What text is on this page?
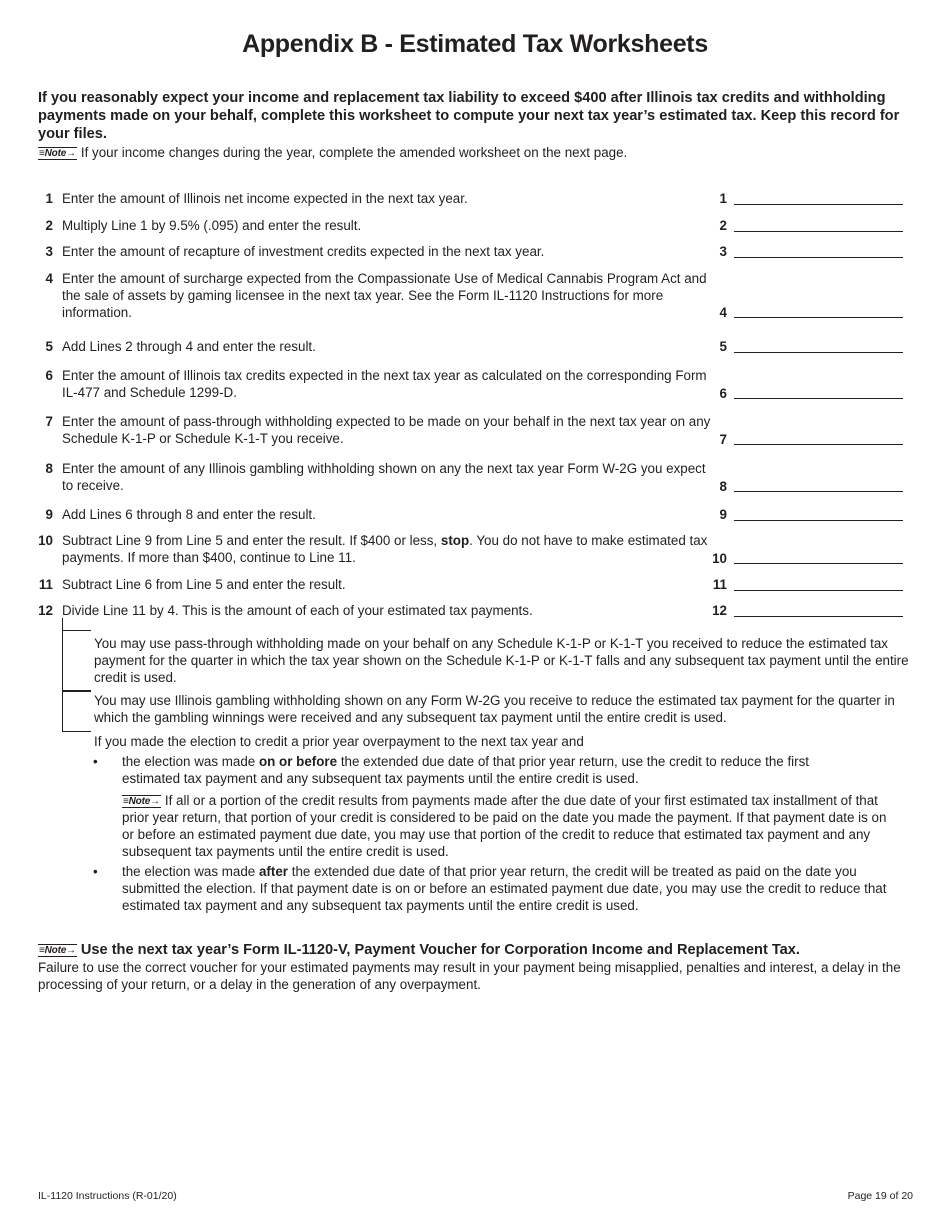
Appendix B - Estimated Tax Worksheets
If you reasonably expect your income and replacement tax liability to exceed $400 after Illinois tax credits and withholding payments made on your behalf, complete this worksheet to compute your next tax year’s estimated tax. Keep this record for your files.
≡Note→ If your income changes during the year, complete the amended worksheet on the next page.
1 Enter the amount of Illinois net income expected in the next tax year.	1
2 Multiply Line 1 by 9.5% (.095) and enter the result.	2
3 Enter the amount of recapture of investment credits expected in the next tax year.	3
4 Enter the amount of surcharge expected from the Compassionate Use of Medical Cannabis Program Act and the sale of assets by gaming licensee in the next tax year. See the Form IL-1120 Instructions for more information.	4
5 Add Lines 2 through 4 and enter the result.	5
6 Enter the amount of Illinois tax credits expected in the next tax year as calculated on the corresponding Form IL-477 and Schedule 1299-D.	6
7 Enter the amount of pass-through withholding expected to be made on your behalf in the next tax year on any Schedule K-1-P or Schedule K-1-T you receive.	7
8 Enter the amount of any Illinois gambling withholding shown on any the next tax year Form W-2G you expect to receive.	8
9 Add Lines 6 through 8 and enter the result.	9
10 Subtract Line 9 from Line 5 and enter the result. If $400 or less, stop. You do not have to make estimated tax payments. If more than $400, continue to Line 11.	10
11 Subtract Line 6 from Line 5 and enter the result.	11
12 Divide Line 11 by 4. This is the amount of each of your estimated tax payments.	12
You may use pass-through withholding made on your behalf on any Schedule K-1-P or K-1-T you received to reduce the estimated tax payment for the quarter in which the tax year shown on the Schedule K-1-P or K-1-T falls and any subsequent tax payment until the entire credit is used.
You may use Illinois gambling withholding shown on any Form W-2G you receive to reduce the estimated tax payment for the quarter in which the gambling winnings were received and any subsequent tax payment until the entire credit is used.
If you made the election to credit a prior year overpayment to the next tax year and
• the election was made on or before the extended due date of that prior year return, use the credit to reduce the first estimated tax payment and any subsequent tax payments until the entire credit is used.
≡Note→ If all or a portion of the credit results from payments made after the due date of your first estimated tax installment of that prior year return, that portion of your credit is considered to be paid on the date you made the payment. If that payment date is on or before an estimated payment due date, you may use that portion of the credit to reduce that estimated tax payment and any subsequent tax payments until the entire credit is used.
• the election was made after the extended due date of that prior year return, the credit will be treated as paid on the date you submitted the election. If that payment date is on or before an estimated payment due date, you may use the credit to reduce that estimated tax payment and any subsequent tax payments until the entire credit is used.
≡Note→ Use the next tax year’s Form IL-1120-V, Payment Voucher for Corporation Income and Replacement Tax.
Failure to use the correct voucher for your estimated payments may result in your payment being misapplied, penalties and interest, a delay in the processing of your return, or a delay in the generation of any overpayment.
IL-1120 Instructions (R-01/20)	Page 19 of 20
